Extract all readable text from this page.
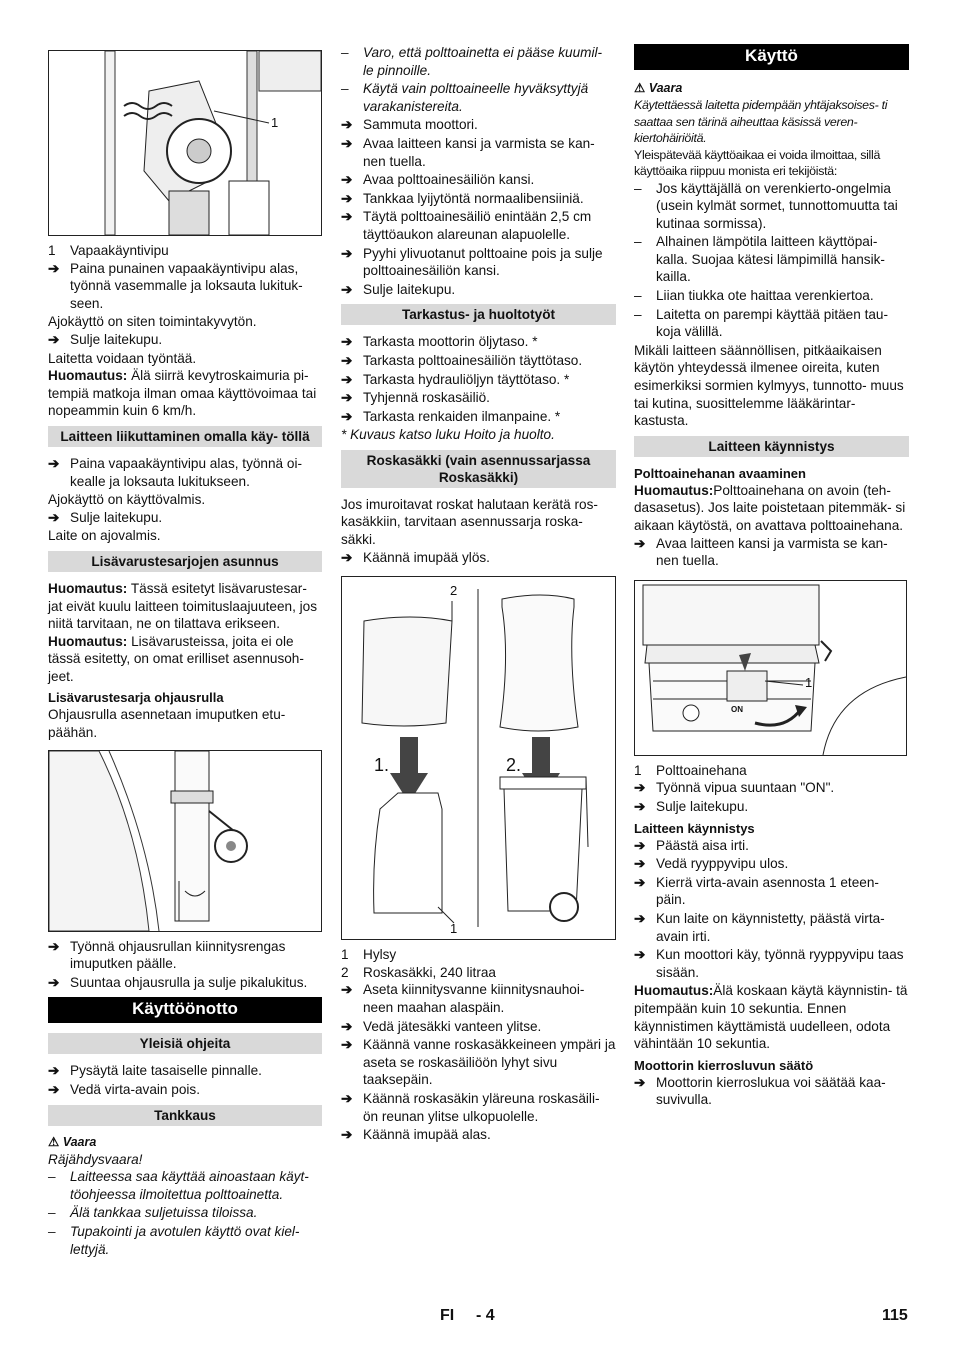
1
1 Vapaakäyntivipu
➔ Paina punainen vapaakäyntivipu alas, työnnä vasemmalle ja loksauta lukituk- seen.

Ajokäyttö on siten toimintakyvytön.

➔ Sulje laitekupu.

Laitetta voidaan työntää.

Huomautus: Älä siirrä kevytroskaimuria pi- tempiä matkoja ilman omaa käyttövoimaa tai nopeammin kuin 6 km/h.

Laitteen liikuttaminen omalla käy- töllä
➔ Paina vapaakäyntivipu alas, työnnä oi- kealle ja loksauta lukitukseen.

Ajokäyttö on käyttövalmis.

➔ Sulje laitekupu.

Laite on ajovalmis.

Lisävarustesarjojen asunnus

Huomautus: Tässä esitetyt lisävarustesar- jat eivät kuulu laitteen toimituslaajuuteen, jos niitä tarvitaan, ne on tilattava erikseen.

Huomautus: Lisävarusteissa, joita ei ole tässä esitetty, on omat erilliset asennusoh- jeet.

Lisävarustesarja ohjausrulla

Ohjausrulla asennetaan imuputken etu- päähän.

➔ Työnnä ohjausrullan kiinnitysrengas imuputken päälle.
➔ Suuntaa ohjausrulla ja sulje pikalukitus.
Käyttöönotto
Yleisiä ohjeita
➔ Pysäytä laite tasaiselle pinnalle.
➔ Vedä virta-avain pois.
Tankkaus
⚠ Vaara

Räjähdysvaara!

– Laitteessa saa käyttää ainoastaan käyt- töohjeessa ilmoitettua polttoainetta.
– Älä tankkaa suljetuissa tiloissa.
– Tupakointi ja avotulen käyttö ovat kiel- lettyjä.
– Varo, että polttoainetta ei pääse kuumil- le pinnoille.
– Käytä vain polttoaineelle hyväksyttyjä varakanistereita.
➔ Sammuta moottori.
➔ Avaa laitteen kansi ja varmista se kan- nen tuella.
➔ Avaa polttoainesäiliön kansi.
➔ Tankkaa lyijytöntä normaalibensiiniä.
➔ Täytä polttoainesäiliö enintään 2,5 cm täyttöaukon alareunan alapuolelle.
➔ Pyyhi ylivuotanut polttoaine pois ja sulje polttoainesäiliön kansi.
➔ Sulje laitekupu.
Tarkastus- ja huoltotyöt
➔ Tarkasta moottorin öljytaso. *
➔ Tarkasta polttoainesäiliön täyttötaso.
➔ Tarkasta hydrauliöljyn täyttötaso. *
➔ Tyhjennä roskasäiliö.
➔ Tarkasta renkaiden ilmanpaine. *

* Kuvaus katso luku Hoito ja huolto.

Roskasäkki (vain asennussarjassa Roskasäkki)

Jos imuroitavat roskat halutaan kerätä ros- kasäkkiin, tarvitaan asennussarja roska- säkki.

➔ Käännä imupää ylös.
1.	2.
2
1
1 Hylsy
2 Roskasäkki, 240 litraa
➔ Aseta kiinnitysvanne kiinnitysnauhoi- neen maahan alaspäin.
➔ Vedä jätesäkki vanteen ylitse.
➔ Käännä vanne roskasäkkeineen ympäri ja aseta se roskasäiliöön lyhyt sivu taaksepäin.
➔ Käännä roskasäkin yläreuna roskasäili- ön reunan ylitse ulkopuolelle.
➔ Käännä imupää alas.
Käyttö
⚠ Vaara

Käytettäessä laitetta pidempään yhtäjaksoises- ti saattaa sen tärinä aiheuttaa käsissä veren- kiertohäiriöitä.

Yleispätevää käyttöaikaa ei voida ilmoittaa, sillä käyttöaika riippuu monista eri tekijöistä:

– Jos käyttäjällä on verenkierto-ongelmia (usein kylmät sormet, tunnottomuutta tai kutinaa sormissa).
– Alhainen lämpötila laitteen käyttöpai- kalla. Suojaa kätesi lämpimillä hansik- kailla.
– Liian tiukka ote haittaa verenkiertoa.
– Laitetta on parempi käyttää pitäen tau- koja välillä.

Mikäli laitteen säännöllisen, pitkäaikaisen käytön yhteydessä ilmenee oireita, kuten esimerkiksi sormien kylmyys, tunnotto- muus tai kutina, suosittelemme lääkärintar- kastusta.

Laitteen käynnistys
Polttoainehanan avaaminen

Huomautus:Polttoainehana on avoin (teh- dasasetus). Jos laite poistetaan pitemmäk- si aikaan käytöstä, on avattava polttoainehana.

➔ Avaa laitteen kansi ja varmista se kan- nen tuella.
1
ON
1 Polttoainehana
➔ Työnnä vipua suuntaan "ON".
➔ Sulje laitekupu.
Laitteen käynnistys
➔ Päästä aisa irti.
➔ Vedä ryyppyvipu ulos.
➔ Kierrä virta-avain asennosta 1 eteen- päin.
➔ Kun laite on käynnistetty, päästä virta- avain irti.
➔ Kun moottori käy, työnnä ryyppyvipu taas sisään.

Huomautus:Älä koskaan käytä käynnistin- tä pitempään kuin 10 sekuntia. Ennen käynnistimen käyttämistä uudelleen, odota vähintään 10 sekuntia.

Moottorin kierrosluvun säätö
➔ Moottorin kierroslukua voi säätää kaa- suvivulla.
FI - 4	115
